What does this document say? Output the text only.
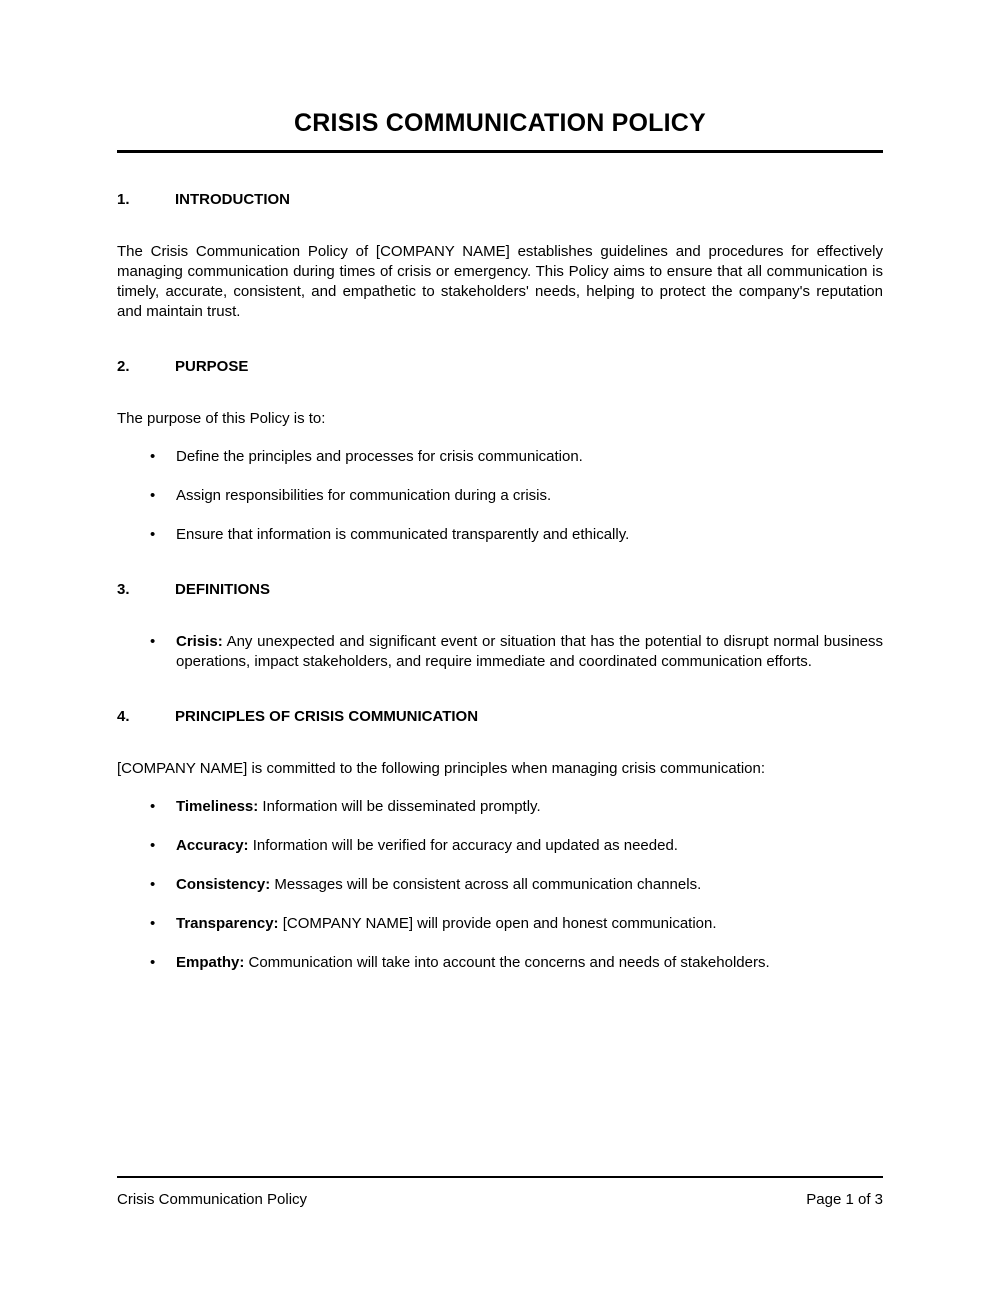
CRISIS COMMUNICATION POLICY
1.	INTRODUCTION

The Crisis Communication Policy of [COMPANY NAME] establishes guidelines and procedures for effectively managing communication during times of crisis or emergency. This Policy aims to ensure that all communication is timely, accurate, consistent, and empathetic to stakeholders' needs, helping to protect the company's reputation and maintain trust.

2.	PURPOSE

The purpose of this Policy is to:

• Define the principles and processes for crisis communication.
• Assign responsibilities for communication during a crisis.
• Ensure that information is communicated transparently and ethically.
3.	DEFINITIONS
• Crisis: Any unexpected and significant event or situation that has the potential to disrupt normal business operations, impact stakeholders, and require immediate and coordinated communication efforts.
4.	PRINCIPLES OF CRISIS COMMUNICATION

[COMPANY NAME] is committed to the following principles when managing crisis communication:

• Timeliness: Information will be disseminated promptly.
• Accuracy: Information will be verified for accuracy and updated as needed.
• Consistency: Messages will be consistent across all communication channels.
• Transparency: [COMPANY NAME] will provide open and honest communication.
• Empathy: Communication will take into account the concerns and needs of stakeholders.
Crisis Communication Policy	Page 1 of 3
